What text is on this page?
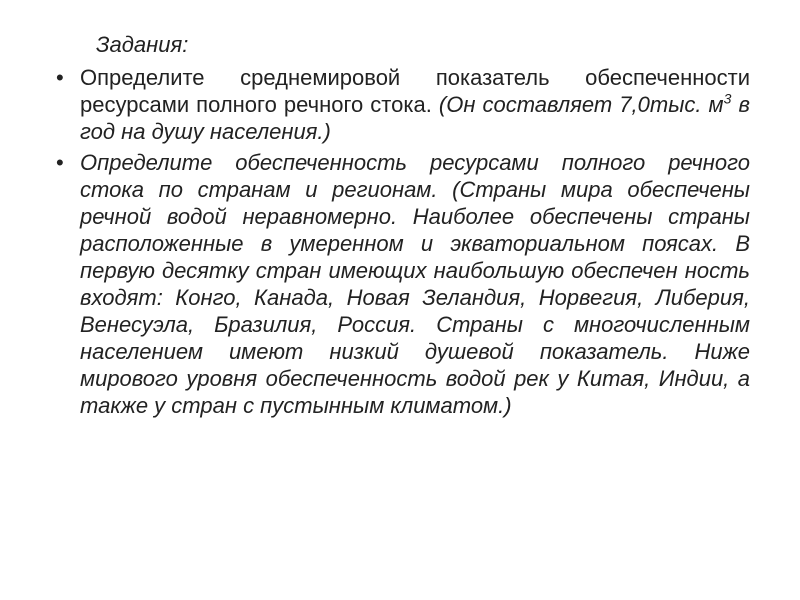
Задания:
• Определите среднемировой показатель обеспеченности ресурсами полного речного стока. (Он составляет 7,0тыс. $м^3$ в год на душу населения.)
• Определите обеспеченность ресурсами полного речного стока по странам и регионам. (Страны мира обеспечены речной водой неравномерно. Наиболее обеспечены страны расположенные в умеренном и экваториальном поясах. В первую десятку стран имеющих наибольшую обеспечен ность входят: Конго, Канада, Новая Зеландия, Норвегия, Либерия, Венесуэла, Бразилия, Россия. Страны с многочисленным населением имеют низкий душевой показатель. Ниже мирового уровня обеспеченность водой рек у Китая, Индии, а также у стран с пустынным климатом.)
